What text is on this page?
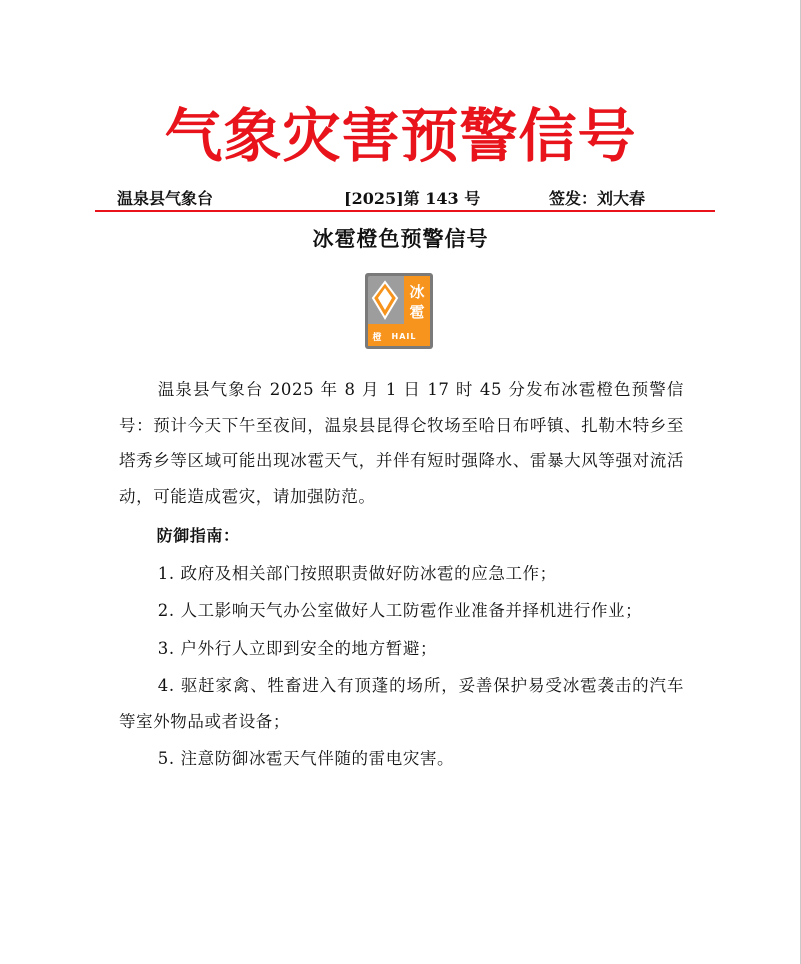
气象灾害预警信号
温泉县气象台	[2025]第 143 号	签发：刘大春
冰雹橙色预警信号
冰
雹
橙 HAIL

温泉县气象台 2025 年 8 月 1 日 17 时 45 分发布冰雹橙色预警信号：预计今天下午至夜间，温泉县昆得仑牧场至哈日布呼镇、扎勒木特乡至塔秀乡等区域可能出现冰雹天气，并伴有短时强降水、雷暴大风等强对流活动，可能造成雹灾，请加强防范。

防御指南：

1. 政府及相关部门按照职责做好防冰雹的应急工作；

2. 人工影响天气办公室做好人工防雹作业准备并择机进行作业；

3. 户外行人立即到安全的地方暂避；

4. 驱赶家禽、牲畜进入有顶蓬的场所，妥善保护易受冰雹袭击的汽车等室外物品或者设备；

5. 注意防御冰雹天气伴随的雷电灾害。
